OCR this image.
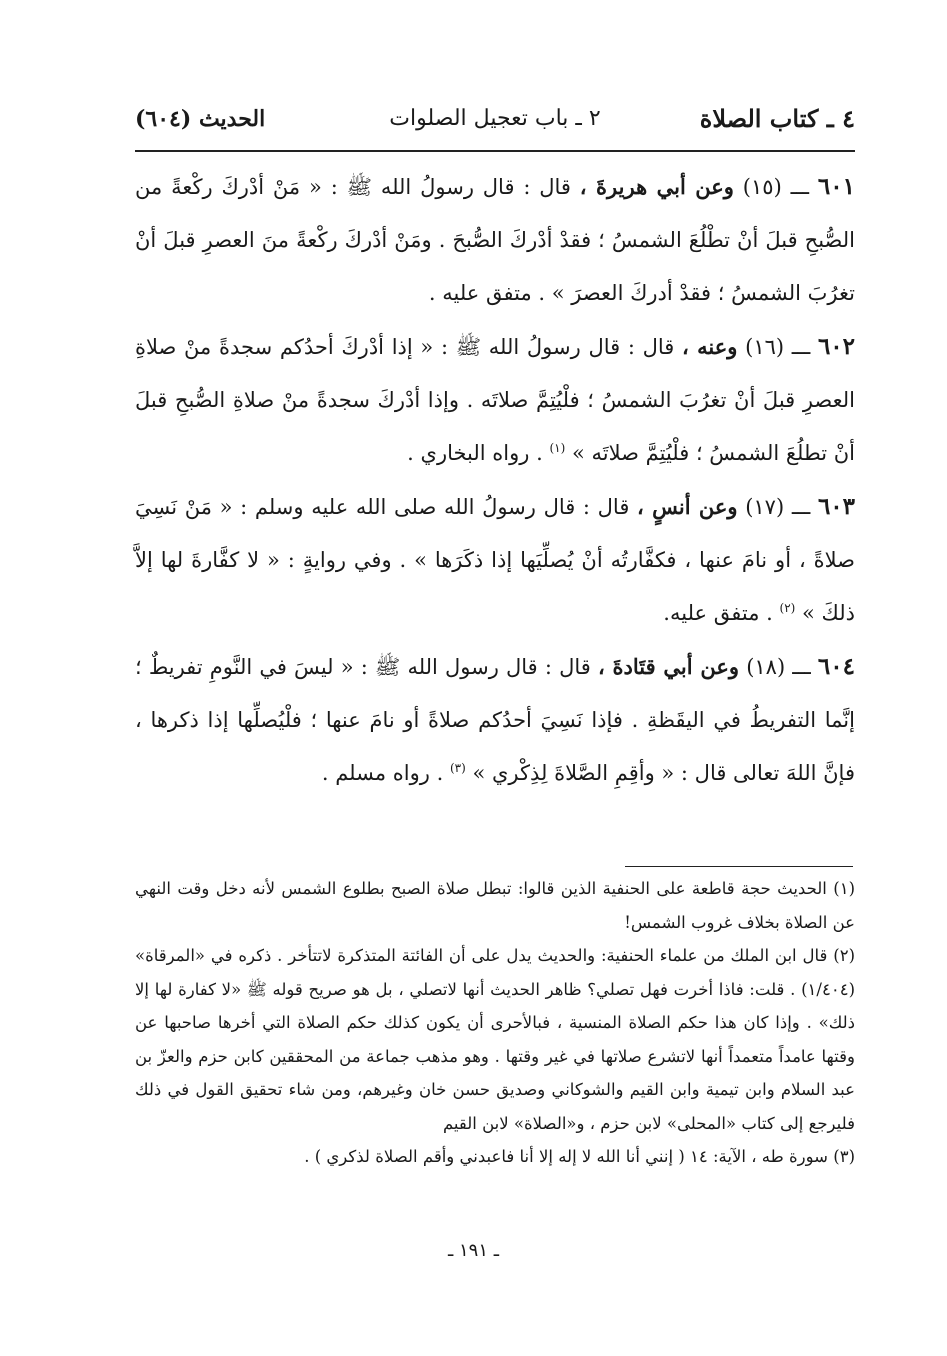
٤ ـ كتاب الصلاة
٢ ـ باب تعجيل الصلوات
الحديث (٦٠٤)

٦٠١ ـــ (١٥) وعن أبي هريرةَ ، قال : قال رسولُ الله ﷺ : « مَنْ أدْركَ ركْعةً من الصُّبحِ قبلَ أنْ تطْلُعَ الشمسُ ؛ فقدْ أدْركَ الصُّبحَ . ومَنْ أدْركَ ركْعةً منَ العصرِ قبلَ أنْ تغرُبَ الشمسُ ؛ فقدْ أدركَ العصرَ » . متفق عليه .

٦٠٢ ـــ (١٦) وعنه ، قال : قال رسولُ الله ﷺ : « إذا أدْركَ أحدُكم سجدةً منْ صلاةِ العصرِ قبلَ أنْ تغرُبَ الشمسُ ؛ فلْيُتِمَّ صلاتَه . وإذا أدْركَ سجدةً منْ صلاةِ الصُّبحِ قبلَ أنْ تطلُعَ الشمسُ ؛ فلْيُتِمَّ صلاتَه » $^{(١)}$ . رواه البخاري .

٦٠٣ ـــ (١٧) وعن أنسٍ ، قال : قال رسولُ الله صلى الله عليه وسلم : « مَنْ نَسِيَ صلاةً ، أو نامَ عنها ، فكفَّارتُه أنْ يُصلِّيَها إذا ذكَرَها » . وفي روايةٍ : « لا كفَّارةَ لها إلاَّ ذلكَ » $^{(٢)}$ . متفق عليه.

٦٠٤ ـــ (١٨) وعن أبي قتَادةَ ، قال : قال رسول الله ﷺ : « ليسَ في النَّومِ تفريطٌ ؛ إنَّما التفريطُ في اليقَظةِ . فإذا نَسِيَ أحدُكم صلاةً أو نامَ عنها ؛ فلْيُصلِّها إذا ذكرها ، فإنَّ اللهَ تعالى قال : « وأقِمِ الصَّلاةَ لِذِكْري » $^{(٣)}$ . رواه مسلم .

(١) الحديث حجة قاطعة على الحنفية الذين قالوا: تبطل صلاة الصبح بطلوع الشمس لأنه دخل وقت النهي عن الصلاة بخلاف غروب الشمس!

(٢) قال ابن الملك من علماء الحنفية: والحديث يدل على أن الفائتة المتذكرة لاتتأخر . ذكره في «المرقاة» (١/٤٠٤) . قلت: فاذا أخرت فهل تصلي؟ ظاهر الحديث أنها لاتصلي ، بل هو صريح قوله ﷺ «لا كفارة لها إلا ذلك» . وإذا كان هذا حكم الصلاة المنسية ، فبالأحرى أن يكون كذلك حكم الصلاة التي أخرها صاحبها عن وقتها عامداً متعمداً أنها لاتشرع صلاتها في غير وقتها . وهو مذهب جماعة من المحققين كابن حزم والعزّ بن عبد السلام وابن تيمية وابن القيم والشوكاني وصديق حسن خان وغيرهم، ومن شاء تحقيق القول في ذلك فليرجع إلى كتاب «المحلى» لابن حزم ، و«الصلاة» لابن القيم

(٣) سورة طه ، الآية: ١٤ ( إنني أنا الله لا إله إلا أنا فاعبدني وأقم الصلاة لذكري ) .

ـ ١٩١ ـ
